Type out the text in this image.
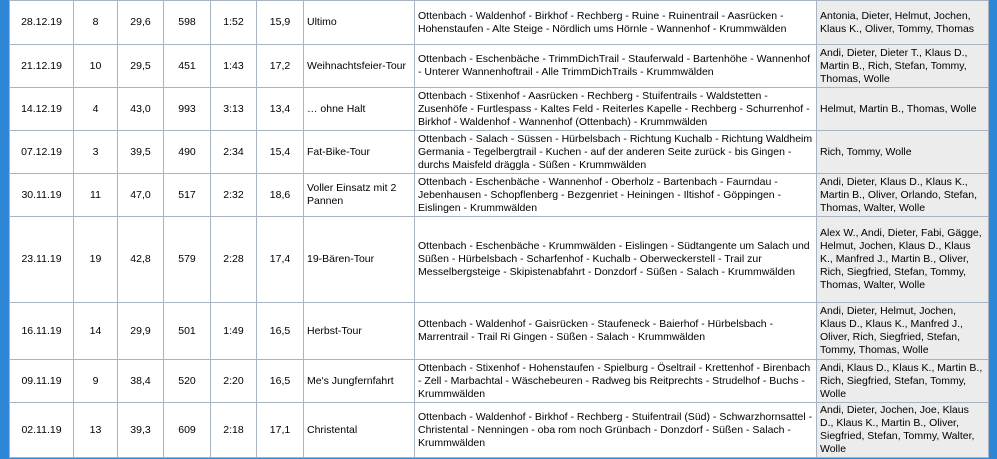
28.12.19	8	29,6	598	1:52	15,9	Ultimo	Ottenbach - Waldenhof - Birkhof - Rechberg - Ruine - Ruinentrail - Aasrücken - Hohenstaufen - Alte Steige - Nördlich ums Hörnle - Wannenhof - Krummwälden	Antonia, Dieter, Helmut, Jochen, Klaus K., Oliver, Tommy, Thomas
21.12.19	10	29,5	451	1:43	17,2	Weihnachtsfeier-Tour	Ottenbach - Eschenbäche - TrimmDichTrail - Stauferwald - Bartenhöhe - Wannenhof - Unterer Wannenhoftrail - Alle TrimmDichTrails - Krummwälden	Andi, Dieter, Dieter T., Klaus D., Martin B., Rich, Stefan, Tommy, Thomas, Wolle
14.12.19	4	43,0	993	3:13	13,4	… ohne Halt	Ottenbach - Stixenhof - Aasrücken - Rechberg - Stuifentrails - Waldstetten - Zusenhöfe - Furtlespass - Kaltes Feld - Reiterles Kapelle - Rechberg - Schurrenhof - Birkhof - Waldenhof - Wannenhof (Ottenbach) - Krummwälden	Helmut, Martin B., Thomas, Wolle
07.12.19	3	39,5	490	2:34	15,4	Fat-Bike-Tour	Ottenbach - Salach - Süssen - Hürbelsbach - Richtung Kuchalb - Richtung Waldheim Germania - Tegelbergtrail - Kuchen - auf der anderen Seite zurück - bis Gingen - durchs Maisfeld dräggla - Süßen - Krummwälden	Rich, Tommy, Wolle
30.11.19	11	47,0	517	2:32	18,6	Voller Einsatz mit 2 Pannen	Ottenbach - Eschenbäche - Wannenhof - Oberholz - Bartenbach - Faurndau - Jebenhausen - Schopflenberg - Bezgenriet - Heiningen - Iltishof - Göppingen - Eislingen - Krummwälden	Andi, Dieter, Klaus D., Klaus K., Martin B., Oliver, Orlando, Stefan, Thomas, Walter, Wolle
23.11.19	19	42,8	579	2:28	17,4	19-Bären-Tour	Ottenbach - Eschenbäche - Krummwälden - Eislingen - Südtangente um Salach und Süßen - Hürbelsbach - Scharfenhof - Kuchalb - Oberweckerstell - Trail zur Messelbergsteige - Skipistenabfahrt - Donzdorf - Süßen - Salach - Krummwälden	Alex W., Andi, Dieter, Fabi, Gägge, Helmut, Jochen, Klaus D., Klaus K., Manfred J., Martin B., Oliver, Rich, Siegfried, Stefan, Tommy, Thomas, Walter, Wolle
16.11.19	14	29,9	501	1:49	16,5	Herbst-Tour	Ottenbach - Waldenhof - Gaisrücken - Staufeneck - Baierhof - Hürbelsbach - Marrentrail - Trail Ri Gingen - Süßen - Salach - Krummwälden	Andi, Dieter, Helmut, Jochen, Klaus D., Klaus K., Manfred J., Oliver, Rich, Siegfried, Stefan, Tommy, Thomas, Wolle
09.11.19	9	38,4	520	2:20	16,5	Me's Jungfernfahrt	Ottenbach - Stixenhof - Hohenstaufen - Spielburg - Öseltrail - Krettenhof - Birenbach - Zell - Marbachtal - Wäschebeuren - Radweg bis Reitprechts - Strudelhof - Buchs - Krummwälden	Andi, Klaus D., Klaus K., Martin B., Rich, Siegfried, Stefan, Tommy, Wolle
02.11.19	13	39,3	609	2:18	17,1	Christental	Ottenbach - Waldenhof - Birkhof - Rechberg - Stuifentrail (Süd) - Schwarzhornsattel - Christental - Nenningen - oba rom noch Grünbach - Donzdorf - Süßen - Salach - Krummwälden	Andi, Dieter, Jochen, Joe, Klaus D., Klaus K., Martin B., Oliver, Siegfried, Stefan, Tommy, Walter, Wolle
